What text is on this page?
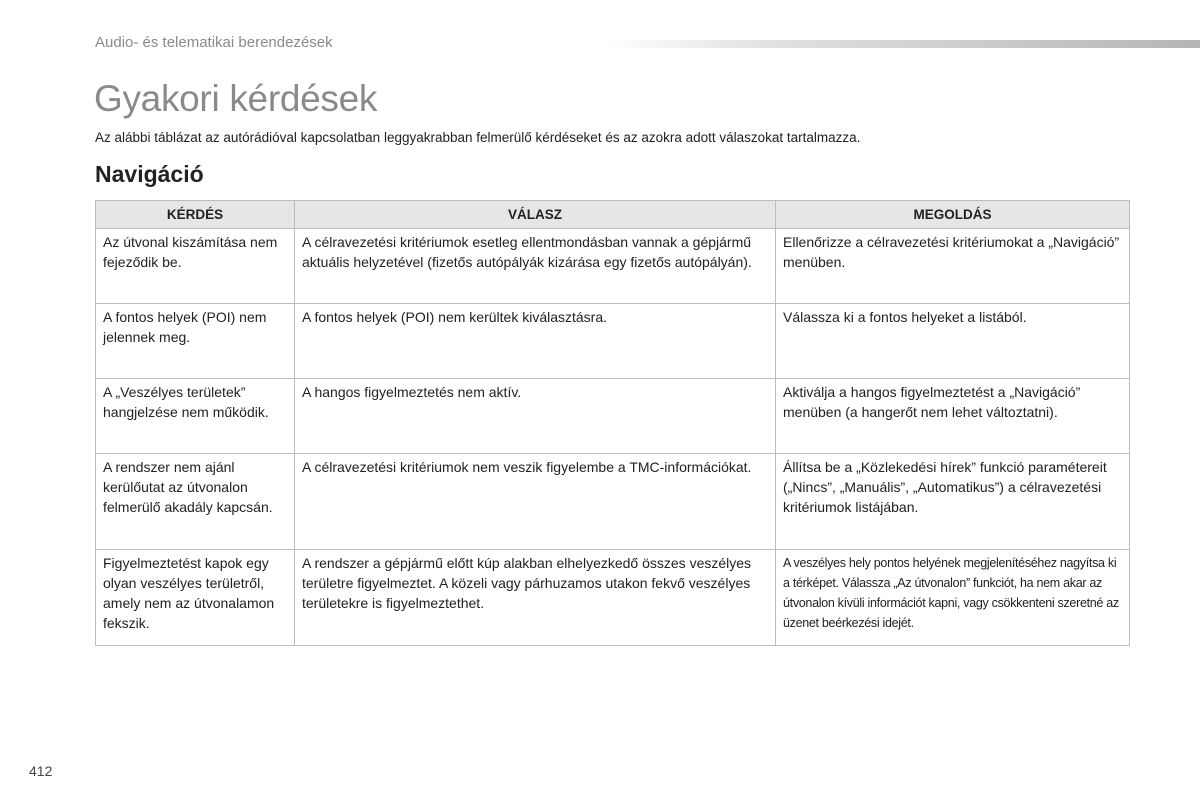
Audio- és telematikai berendezések
Gyakori kérdések

Az alábbi táblázat az autórádióval kapcsolatban leggyakrabban felmerülő kérdéseket és az azokra adott válaszokat tartalmazza.

Navigáció
KÉRDÉS	VÁLASZ	MEGOLDÁS
Az útvonal kiszámítása nem fejeződik be.	A célravezetési kritériumok esetleg ellentmondásban vannak a gépjármű aktuális helyzetével (fizetős autópályák kizárása egy fizetős autópályán).	Ellenőrizze a célravezetési kritériumokat a „Navigáció” menüben.
A fontos helyek (POI) nem jelennek meg.	A fontos helyek (POI) nem kerültek kiválasztásra.	Válassza ki a fontos helyeket a listából.
A „Veszélyes területek” hangjelzése nem működik.	A hangos figyelmeztetés nem aktív.	Aktiválja a hangos figyelmeztetést a „Navigáció” menüben (a hangerőt nem lehet változtatni).
A rendszer nem ajánl kerülőutat az útvonalon felmerülő akadály kapcsán.	A célravezetési kritériumok nem veszik figyelembe a TMC-információkat.	Állítsa be a „Közlekedési hírek” funkció paramétereit („Nincs”, „Manuális”, „Automatikus”) a célravezetési kritériumok listájában.
Figyelmeztetést kapok egy olyan veszélyes területről, amely nem az útvonalamon fekszik.	A rendszer a gépjármű előtt kúp alakban elhelyezkedő összes veszélyes területre figyelmeztet. A közeli vagy párhuzamos utakon fekvő veszélyes területekre is figyelmeztethet.	A veszélyes hely pontos helyének megjelenítéséhez nagyítsa ki a térképet. Válassza „Az útvonalon” funkciót, ha nem akar az útvonalon kívüli információt kapni, vagy csökkenteni szeretné az üzenet beérkezési idejét.
412
